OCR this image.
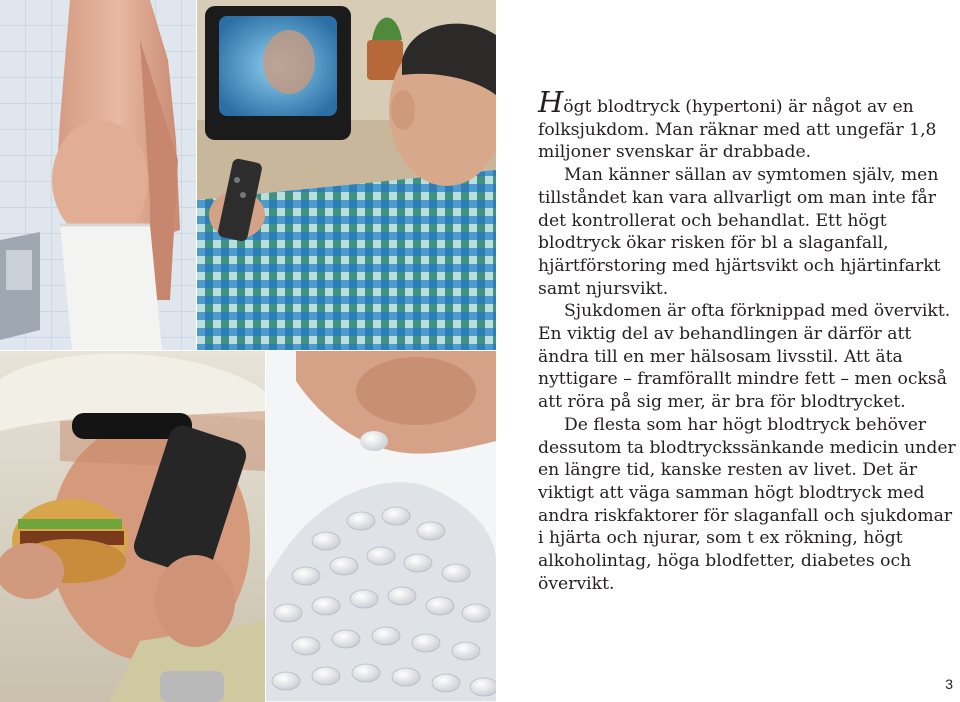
Högt blodtryck (hypertoni) är något av en folksjukdom. Man räknar med att ungefär 1,8 miljoner svenskar är drabbade.

Man känner sällan av symtomen själv, men tillståndet kan vara allvarligt om man inte får det kontrollerat och behandlat. Ett högt blodtryck ökar risken för bl a slaganfall, hjärtförstoring med hjärtsvikt och hjärtinfarkt samt njursvikt.

Sjukdomen är ofta förknippad med övervikt. En viktig del av behandlingen är därför att ändra till en mer hälsosam livsstil. Att äta nyttigare – framförallt mindre fett – men också att röra på sig mer, är bra för blodtrycket.

De flesta som har högt blodtryck behöver dessutom ta blodtryckssänkande medicin under en längre tid, kanske resten av livet. Det är viktigt att väga samman högt blodtryck med andra riskfaktorer för slaganfall och sjukdomar i hjärta och njurar, som t ex rökning, högt alkoholintag, höga blodfetter, diabetes och övervikt.

3
